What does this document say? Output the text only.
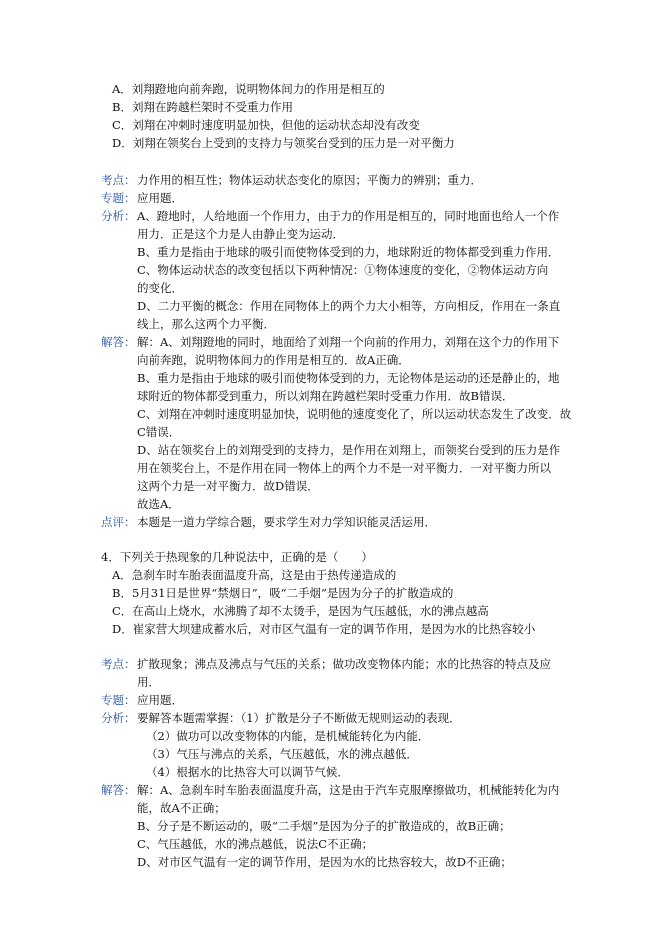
A．刘翔蹬地向前奔跑，说明物体间力的作用是相互的
B．刘翔在跨越栏架时不受重力作用
C．刘翔在冲刺时速度明显加快，但他的运动状态却没有改变
D．刘翔在领奖台上受到的支持力与领奖台受到的压力是一对平衡力
考点： 力作用的相互性；物体运动状态变化的原因；平衡力的辨别；重力．
专题： 应用题．
分析： A、蹬地时，人给地面一个作用力，由于力的作用是相互的，同时地面也给人一个作
用力．正是这个力是人由静止变为运动．
B、重力是指由于地球的吸引而使物体受到的力，地球附近的物体都受到重力作用．
C、物体运动状态的改变包括以下两种情况：①物体速度的变化，②物体运动方向
的变化．
D、二力平衡的概念：作用在同物体上的两个力大小相等，方向相反，作用在一条直
线上，那么这两个力平衡．
解答： 解：A、刘翔蹬地的同时，地面给了刘翔一个向前的作用力，刘翔在这个力的作用下
向前奔跑，说明物体间力的作用是相互的．故A正确．
B、重力是指由于地球的吸引而使物体受到的力，无论物体是运动的还是静止的，地
球附近的物体都受到重力，所以刘翔在跨越栏架时受重力作用．故B错误．
C、刘翔在冲刺时速度明显加快，说明他的速度变化了，所以运动状态发生了改变．故
C错误．
D、站在领奖台上的刘翔受到的支持力，是作用在刘翔上，而领奖台受到的压力是作
用在领奖台上，不是作用在同一物体上的两个力不是一对平衡力．一对平衡力所以
这两个力是一对平衡力．故D错误．
故选A．
点评： 本题是一道力学综合题，要求学生对力学知识能灵活运用．
4．下列关于热现象的几种说法中，正确的是（　　）
A．急刹车时车胎表面温度升高，这是由于热传递造成的
B．5月31日是世界“禁烟日”，吸“二手烟”是因为分子的扩散造成的
C．在高山上烧水，水沸腾了却不太烫手，是因为气压越低，水的沸点越高
D．崔家营大坝建成蓄水后，对市区气温有一定的调节作用，是因为水的比热容较小
考点： 扩散现象；沸点及沸点与气压的关系；做功改变物体内能；水的比热容的特点及应
用．
专题： 应用题．
分析： 要解答本题需掌握：（1）扩散是分子不断做无规则运动的表现．
（2）做功可以改变物体的内能，是机械能转化为内能．
（3）气压与沸点的关系，气压越低，水的沸点越低．
（4）根据水的比热容大可以调节气候．
解答： 解：A、急刹车时车胎表面温度升高，这是由于汽车克服摩擦做功，机械能转化为内
能，故A不正确；
B、分子是不断运动的，吸“二手烟”是因为分子的扩散造成的，故B正确；
C、气压越低，水的沸点越低，说法C不正确；
D、对市区气温有一定的调节作用，是因为水的比热容较大，故D不正确；
